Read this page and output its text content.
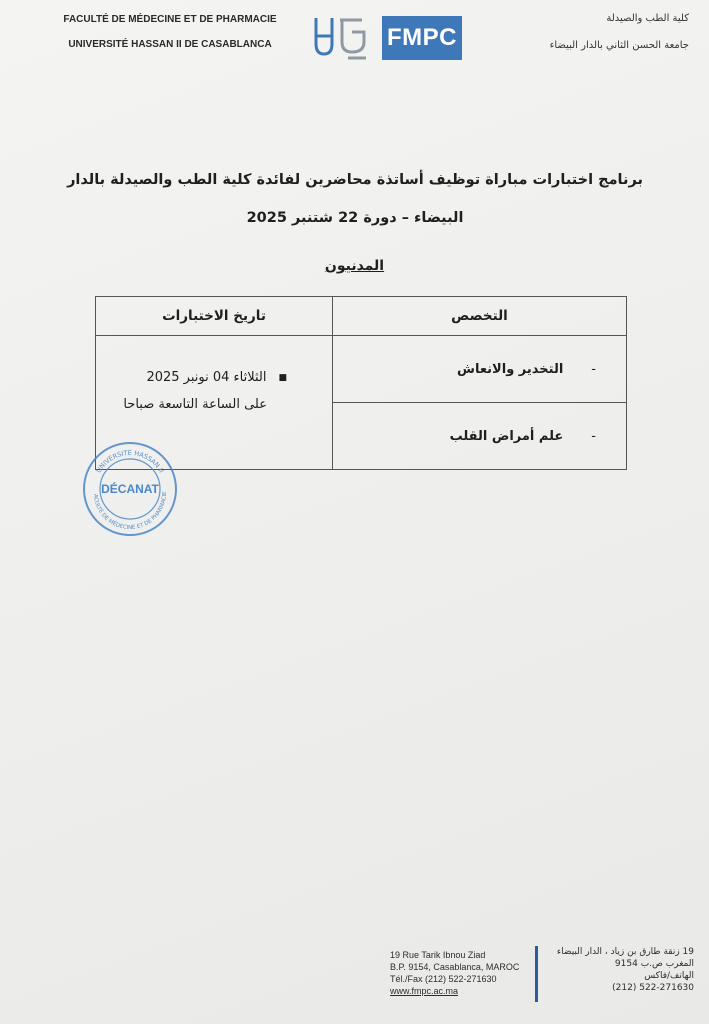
FACULTÉ DE MÉDECINE ET DE PHARMACIE
UNIVERSITÉ HASSAN II DE CASABLANCA	FMPC
كلية الطب والصيدلة
جامعة الحسن الثاني بالدار البيضاء
برنامج اختبارات مباراة توظيف أساتذة محاضرين لفائدة كلية الطب والصيدلة بالدار
البيضاء – دورة 22 شتنبر 2025
المدنيون
التخصص	تاريخ الاختبارات
-التخدير والانعاش	■الثلاثاء 04 نونبر 2025
على الساعة التاسعة صباحا

-علم أمراض القلب	
UNIVERSITÉ HASSAN II
ACULTÉ DE MÉDECINE ET DE PHARMACIE
DÉCANAT
19 Rue Tarik Ibnou Ziad
B.P. 9154, Casablanca, MAROC
Tél./Fax (212) 522-271630
www.fmpc.ac.ma
19 زنقة طارق بن زياد ، الدار البيضاء
المغرب ص.ب 9154
الهاتف/فاكس
(212) 522-271630
